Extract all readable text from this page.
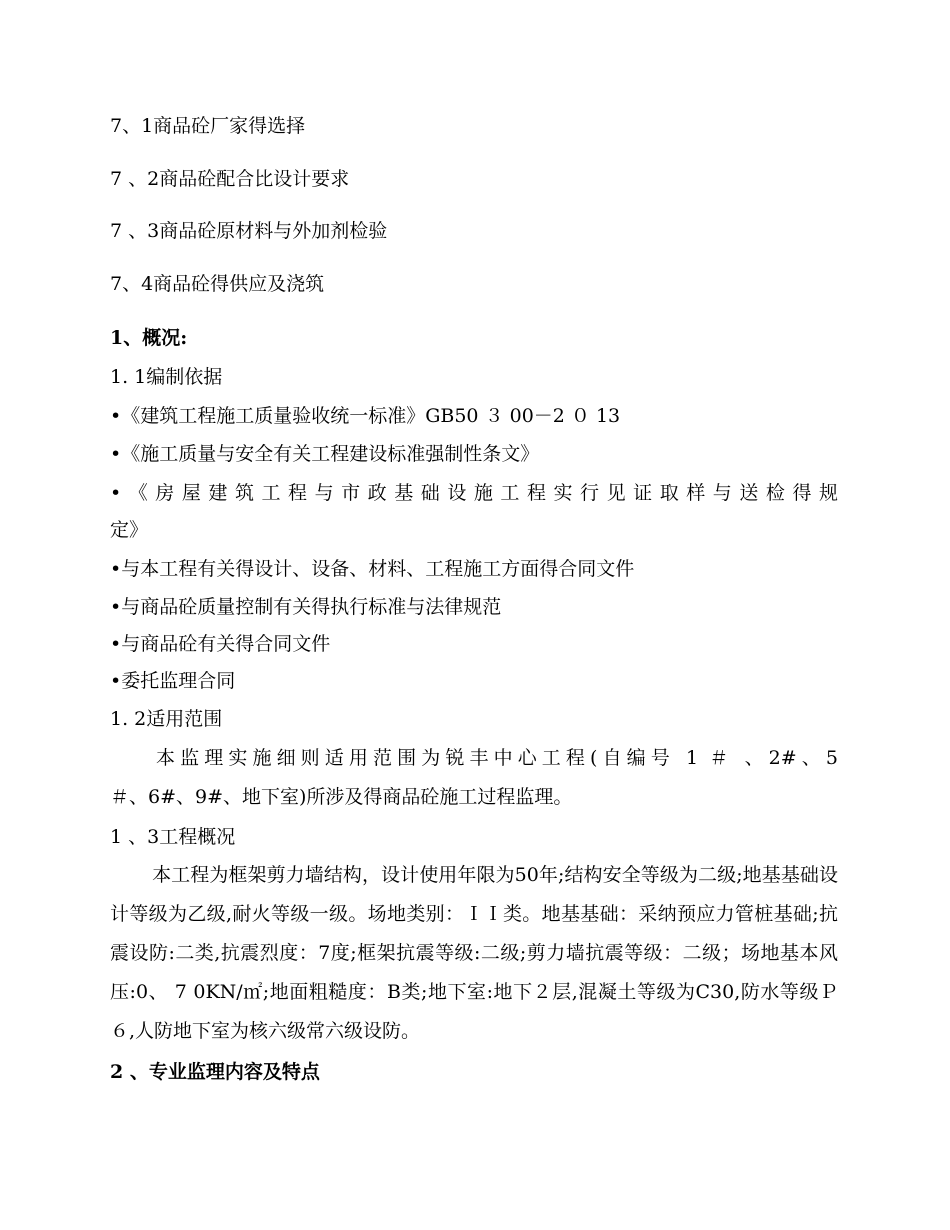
7、1商品砼厂家得选择
7 、2商品砼配合比设计要求
7 、3商品砼原材料与外加剂检验
7、4商品砼得供应及浇筑
1、概况:
1. 1编制依据
•《建筑工程施工质量验收统一标准》GB50 ３ 00－2 ０ 13
•《施工质量与安全有关工程建设标准强制性条文》
•《房屋建筑工程与市政基础设施工程实行见证取样与送检得规
定》
•与本工程有关得设计、设备、材料、工程施工方面得合同文件
•与商品砼质量控制有关得执行标准与法律规范
•与商品砼有关得合同文件
•委托监理合同
1. 2适用范围
本监理实施细则适用范围为锐丰中心工程(自编号 1 ＃ 、2#、5
＃、6#、9#、地下室)所涉及得商品砼施工过程监理。
1 、3工程概况
本工程为框架剪力墙结构，设计使用年限为50年;结构安全等级为二级;地基基础设计等级为乙级,耐火等级一级。场地类别：ＩＩ类。地基基础：采纳预应力管桩基础;抗震设防:二类,抗震烈度：7度;框架抗震等级:二级;剪力墙抗震等级：二级；场地基本风压:0、 7 0KN/㎡;地面粗糙度：Β类;地下室:地下２层,混凝土等级为C30,防水等级Ｐ ６,人防地下室为核六级常六级设防。
2 、专业监理内容及特点
